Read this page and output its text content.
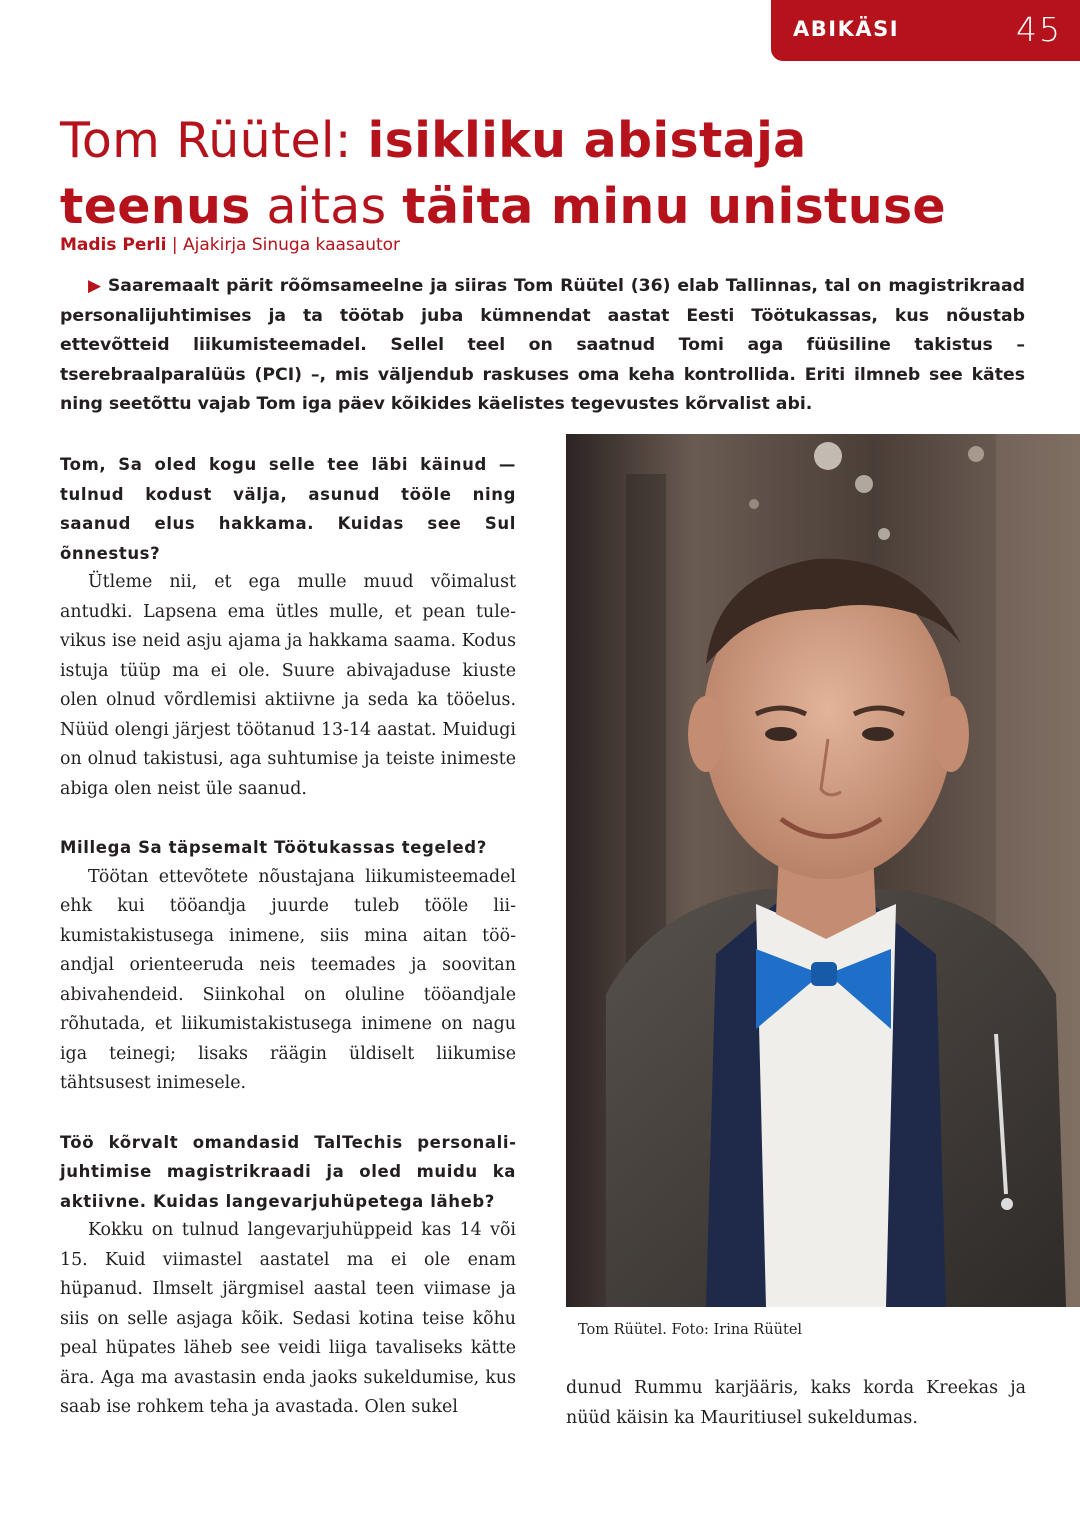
ABIKÄSI	45
Tom Rüütel: isikliku abistaja
teenus aitas täita minu unistuse
Madis Perli | Ajakirja Sinuga kaasautor
▶ Saaremaalt pärit rõõmsameelne ja siiras Tom Rüütel (36) elab Tallinnas, tal on magistrikraad personalijuhtimises ja ta töötab juba kümnendat aastat Eesti Töötukassas, kus nõustab ettevõtteid liikumisteemadel. Sellel teel on saatnud Tomi aga füüsiline takistus – tserebraalparalüüs (PCI) –, mis väljendub raskuses oma keha kontrollida. Eriti ilmneb see kätes ning seetõttu vajab Tom iga päev kõikides käelistes tegevustes kõrvalist abi.

Tom, Sa oled kogu selle tee läbi käinud — tulnud kodust välja, asunud tööle ning saanud elus hakkama. Kuidas see Sul õnnestus?

Ütleme nii, et ega mulle muud võimalust antudki. Lapsena ema ütles mulle, et pean tulevikus ise neid asju ajama ja hakkama saama. Kodus istuja tüüp ma ei ole. Suure abivajaduse kiuste olen olnud võrdlemisi aktiivne ja seda ka tööelus. Nüüd olengi järjest töötanud 13-14 aastat. Muidugi on olnud takistusi, aga suhtumise ja teiste inimeste abiga olen neist üle saanud.

Millega Sa täpsemalt Töötukassas tegeled?

Töötan ettevõtete nõustajana liikumisteemadel ehk kui tööandja juurde tuleb tööle liikumistakistusega inimene, siis mina aitan tööandjal orienteeruda neis teemades ja soovitan abivahendeid. Siinkohal on oluline tööandjale rõhutada, et liikumistakistusega inimene on nagu iga teinegi; lisaks räägin üldiselt liikumise tähtsusest inimesele.

Töö kõrvalt omandasid TalTechis personalijuhtimise magistrikraadi ja oled muidu ka aktiivne. Kuidas langevarjuhüpetega läheb?

Kokku on tulnud langevarjuhüppeid kas 14 või 15. Kuid viimastel aastatel ma ei ole enam hüpanud. Ilmselt järgmisel aastal teen viimase ja siis on selle asjaga kõik. Sedasi kotina teise kõhu peal hüpates läheb see veidi liiga tavaliseks kätte ära. Aga ma avastasin enda jaoks sukeldumise, kus saab ise rohkem teha ja avastada. Olen sukel

Tom Rüütel. Foto: Irina Rüütel

dunud Rummu karjääris, kaks korda Kreekas ja nüüd käisin ka Mauritiusel sukeldumas.
